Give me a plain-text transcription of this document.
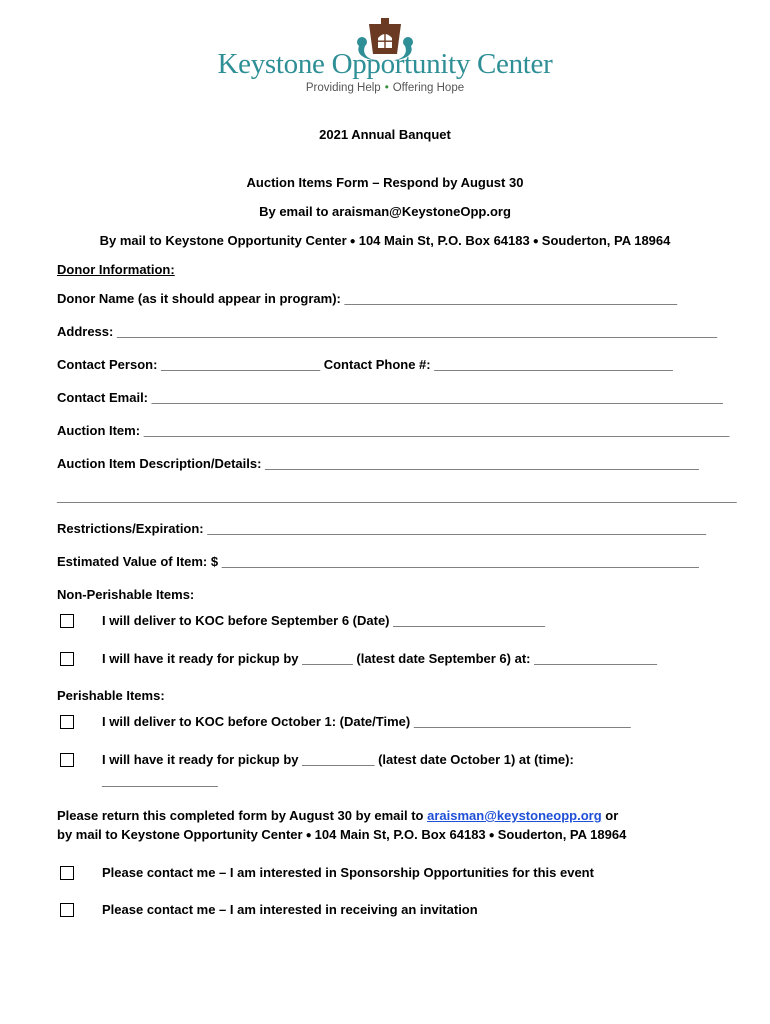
Keystone Opportunity Center
Providing Help • Offering Hope
2021 Annual Banquet
Auction Items Form – Respond by August 30
By email to araisman@KeystoneOpp.org
By mail to Keystone Opportunity Center ● 104 Main St, P.O. Box 64183 ● Souderton, PA 18964
Donor Information:
Donor Name (as it should appear in program): ______________________________________________
Address: ___________________________________________________________________________________
Contact Person: ______________________ Contact Phone #: _________________________________
Contact Email: _______________________________________________________________________________
Auction Item: _________________________________________________________________________________
Auction Item Description/Details: ____________________________________________________________
______________________________________________________________________________________________
Restrictions/Expiration: _____________________________________________________________________
Estimated Value of Item: $ __________________________________________________________________
Non-Perishable Items:
I will deliver to KOC before September 6 (Date) _____________________
I will have it ready for pickup by _______ (latest date September 6) at: _________________
Perishable Items:
I will deliver to KOC before October 1: (Date/Time) ______________________________
I will have it ready for pickup by __________ (latest date October 1) at (time):
________________
Please return this completed form by August 30 by email to araisman@keystoneopp.org or
by mail to Keystone Opportunity Center ● 104 Main St, P.O. Box 64183 ● Souderton, PA 18964
Please contact me – I am interested in Sponsorship Opportunities for this event
Please contact me – I am interested in receiving an invitation
